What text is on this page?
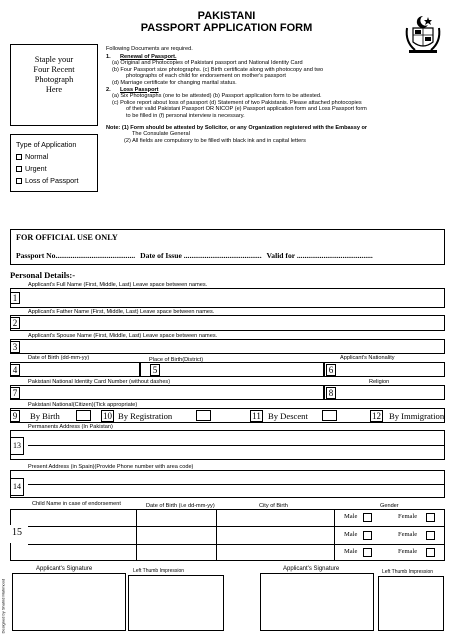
PAKISTANI
PASSPORT APPLICATION FORM
Staple your
Four Recent
Photograph
Here
Type of Application
Normal
Urgent
Loss of Passport
Following Documents are required.
1. Renewal of Passport.
(a) Original and Photocopies of Pakistani passport and National Identity Card
(b) Four Passport size photographs. (c) Birth certificate along with photocopy and two
photographs of each child for endorsement on mother's passport
(d) Marriage certificate for changing marital status.
2. Loss Passport
(a) Six Photographs (one to be attested) (b) Passport application form to be attested.
(c) Police report about loss of passport (d) Statement of two Pakistanis. Please attached photocopies
of their valid Pakistani Passport OR NICOP (e) Passport application form and Loss Passport form
to be filled in (f) personal interview is necessary.
Note: (1) Form should be attested by Solicitor, or any Organization registered with the Embassy or
The Consulate General
(2) All fields are compulsory to be filled with black ink and in capital letters
FOR OFFICIAL USE ONLY
Passport No.......................................... Date of Issue ......................................... Valid for ........................................
Personal Details:-
Applicant's Full Name (First, Middle, Last) Leave space between names.
1
Applicant's Father Name (First, Middle, Last) Leave space between names.
2
Applicant's Spouse Name (First, Middle, Last) Leave space between names.
3
Date of Birth (dd-mm-yy)	Place of Birth(District)	Applicant's Nationality
4	5	6
Pakistani National Identity Card Number (without dashes)	Religion
7	8
Pakistani National(Citizen)(Tick appropriate)
9	By Birth	10 By Registration	11 By Descent	12 By Immigration
Permanents Address (In Pakistan)
13
Present Address (in Spain)(Provide Phone number with area code)
14
Child Name in case of endorsement	Date of Birth (i.e dd-mm-yy)	City of Birth	Gender
15
Male	Female
Male	Female
Male	Female
Applicant's Signature	Left Thumb Impression	Applicant's Signature	Left Thumb Impression
Designed by Shahid Mahmood
